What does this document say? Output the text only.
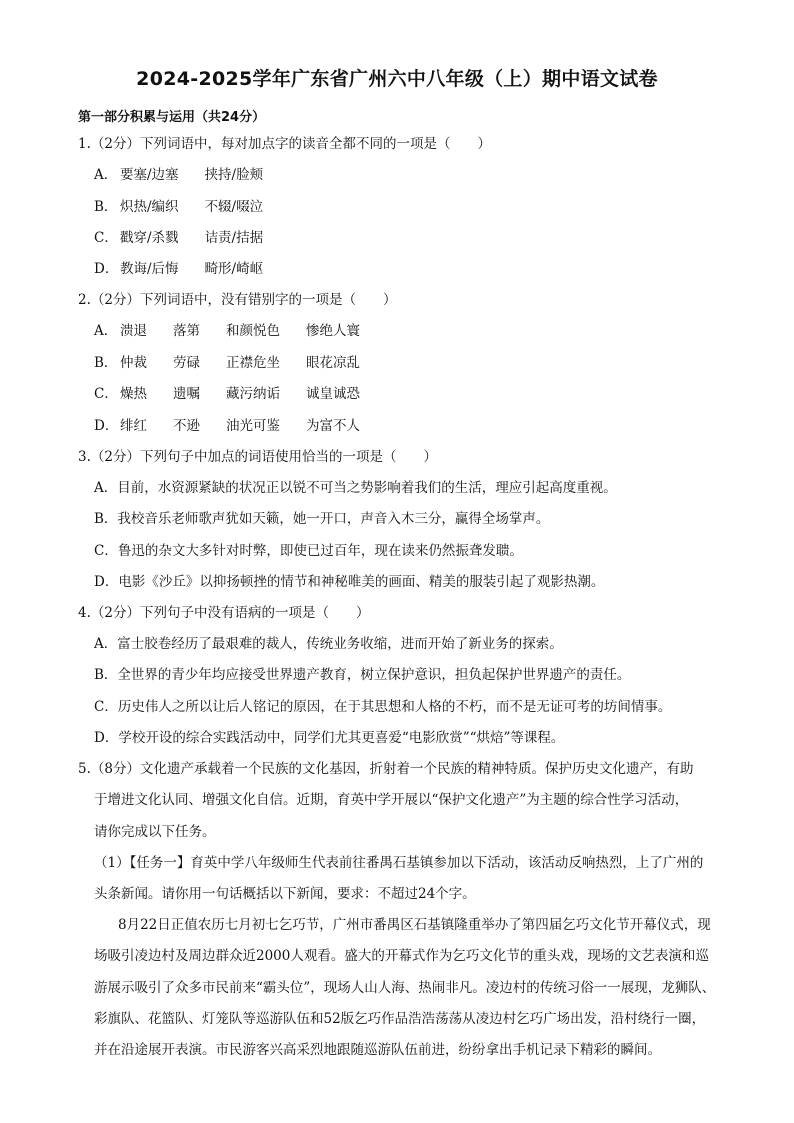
2024-2025学年广东省广州六中八年级（上）期中语文试卷
第一部分积累与运用（共24分）
1.（2分）下列词语中，每对加点字的读音全都不同的一项是（　　）
A． 要塞/边塞 挟持/脸颊
B． 炽热/编织 不辍/啜泣
C． 戳穿/杀戮 诘责/拮据
D． 教诲/后悔 畸形/崎岖
2.（2分）下列词语中，没有错别字的一项是（　　）
A． 溃退 落第 和颜悦色 惨绝人寰
B． 仲裁 劳碌 正襟危坐 眼花凉乱
C． 燥热 遗嘱 藏污纳诟 诚皇诚恐
D． 绯红 不逊 油光可鉴 为富不人
3.（2分）下列句子中加点的词语使用恰当的一项是（　　）
A．目前，水资源紧缺的状况正以锐不可当之势影响着我们的生活，理应引起高度重视。
B．我校音乐老师歌声犹如天籁，她一开口，声音入木三分，赢得全场掌声。
C．鲁迅的杂文大多针对时弊，即使已过百年，现在读来仍然振聋发聩。
D．电影《沙丘》以抑扬顿挫的情节和神秘唯美的画面、精美的服装引起了观影热潮。
4.（2分）下列句子中没有语病的一项是（　　）
A．富士胶卷经历了最艰难的裁人，传统业务收缩，进而开始了新业务的探索。
B．全世界的青少年均应接受世界遗产教育，树立保护意识，担负起保护世界遗产的责任。
C．历史伟人之所以让后人铭记的原因，在于其思想和人格的不朽，而不是无证可考的坊间情事。
D．学校开设的综合实践活动中，同学们尤其更喜爱“电影欣赏”“烘焙”等课程。
5.（8分）文化遗产承载着一个民族的文化基因，折射着一个民族的精神特质。保护历史文化遗产，有助
于增进文化认同、增强文化自信。近期，育英中学开展以“保护文化遗产”为主题的综合性学习活动，
请你完成以下任务。
（1）【任务一】育英中学八年级师生代表前往番禺石基镇参加以下活动，该活动反响热烈，上了广州的
头条新闻。请你用一句话概括以下新闻，要求：不超过24个字。
8月22日正值农历七月初七乞巧节，广州市番禺区石基镇隆重举办了第四届乞巧文化节开幕仪式，现
场吸引凌边村及周边群众近2000人观看。盛大的开幕式作为乞巧文化节的重头戏，现场的文艺表演和巡
游展示吸引了众多市民前来“霸头位”，现场人山人海、热闹非凡。凌边村的传统习俗一一展现，龙狮队、
彩旗队、花篮队、灯笼队等巡游队伍和52版乞巧作品浩浩荡荡从凌边村乞巧广场出发，沿村绕行一圈，
并在沿途展开表演。市民游客兴高采烈地跟随巡游队伍前进，纷纷拿出手机记录下精彩的瞬间。
